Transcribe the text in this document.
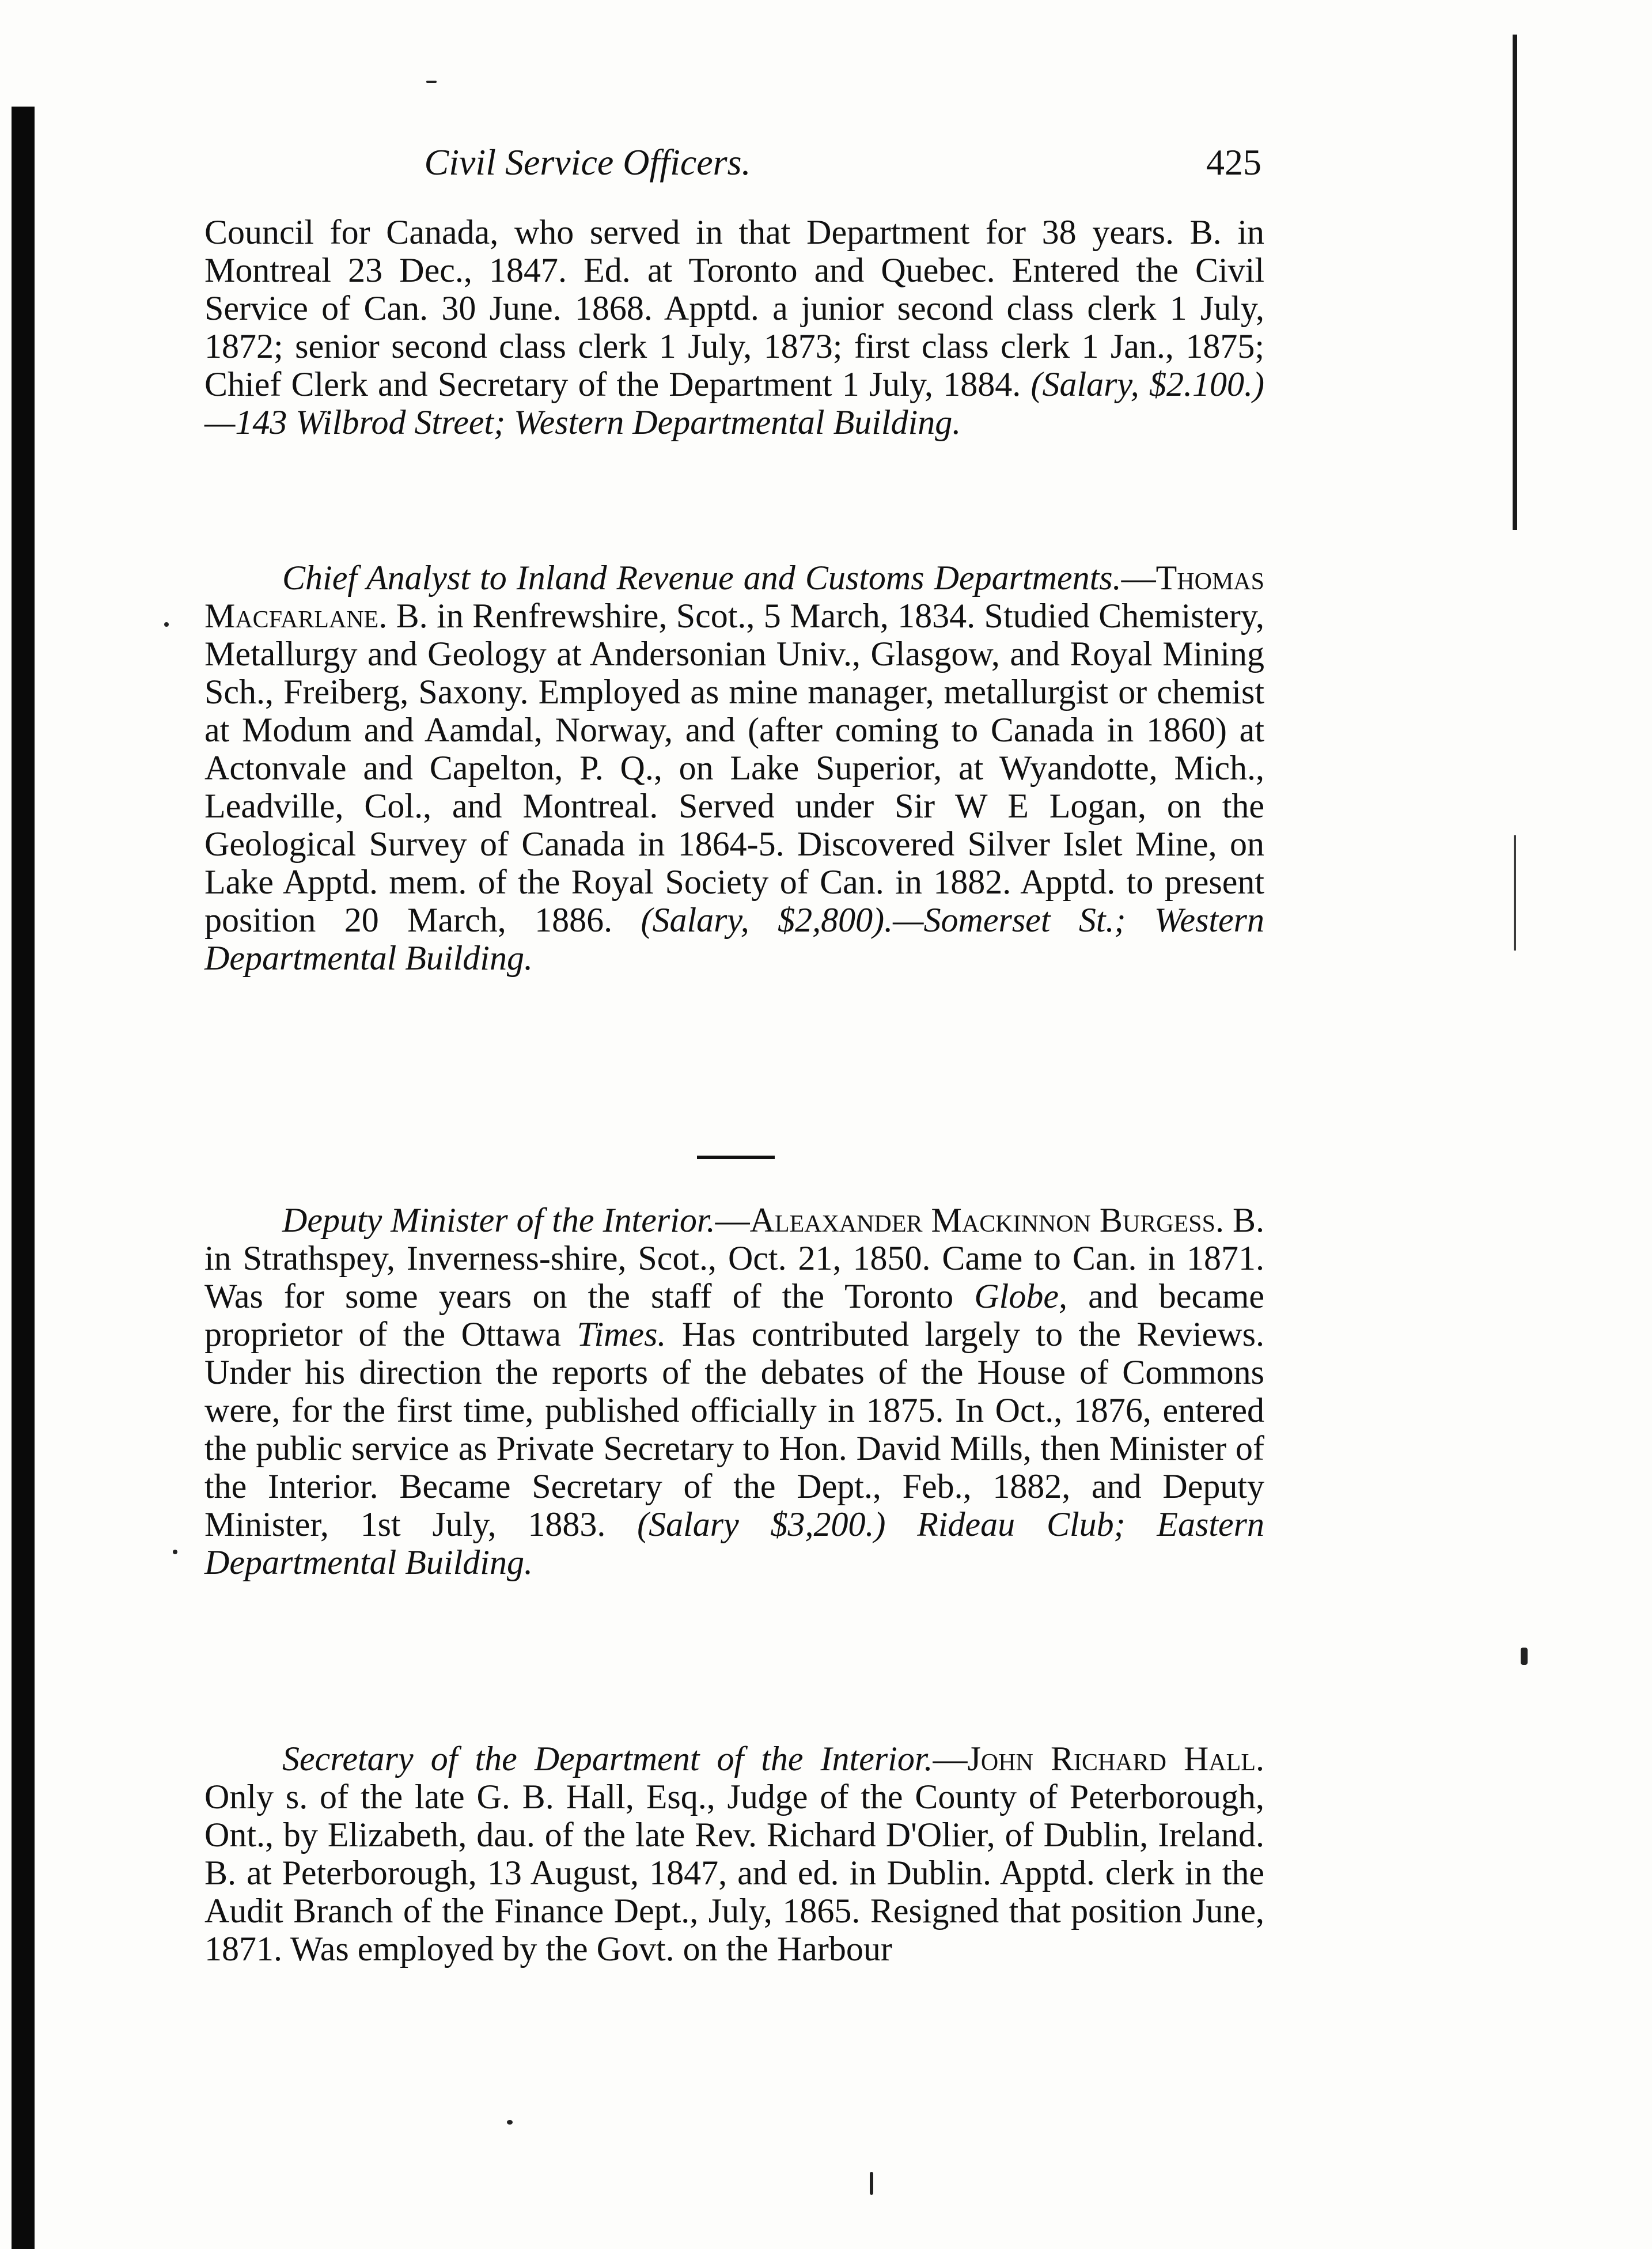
Civil Service Officers.	425

Council for Canada, who served in that Department for 38 years. B. in Montreal 23 Dec., 1847. Ed. at Toronto and Quebec. Entered the Civil Service of Can. 30 June. 1868. Apptd. a junior second class clerk 1 July, 1872; senior second class clerk 1 July, 1873; first class clerk 1 Jan., 1875; Chief Clerk and Secretary of the Department 1 July, 1884. (Salary, $2.100.)—143 Wilbrod Street; Western Departmental Building.

Chief Analyst to Inland Revenue and Customs Departments.—Thomas Macfarlane. B. in Renfrewshire, Scot., 5 March, 1834. Studied Chemistery, Metallurgy and Geology at Andersonian Univ., Glasgow, and Royal Mining Sch., Freiberg, Saxony. Employed as mine manager, metallurgist or chemist at Modum and Aamdal, Norway, and (after coming to Canada in 1860) at Actonvale and Capelton, P. Q., on Lake Superior, at Wyandotte, Mich., Leadville, Col., and Montreal. Served under Sir W E Logan, on the Geological Survey of Canada in 1864-5. Discovered Silver Islet Mine, on Lake Apptd. mem. of the Royal Society of Can. in 1882. Apptd. to present position 20 March, 1886. (Salary, $2,800).—Somerset St.; Western Departmental Building.

Deputy Minister of the Interior.—Aleaxander Mackinnon Burgess. B. in Strathspey, Inverness-shire, Scot., Oct. 21, 1850. Came to Can. in 1871. Was for some years on the staff of the Toronto Globe, and became proprietor of the Ottawa Times. Has contributed largely to the Reviews. Under his direction the reports of the debates of the House of Commons were, for the first time, published officially in 1875. In Oct., 1876, entered the public service as Private Secretary to Hon. David Mills, then Minister of the Interior. Became Secretary of the Dept., Feb., 1882, and Deputy Minister, 1st July, 1883. (Salary $3,200.) Rideau Club; Eastern Departmental Building.

Secretary of the Department of the Interior.—John Richard Hall. Only s. of the late G. B. Hall, Esq., Judge of the County of Peterborough, Ont., by Elizabeth, dau. of the late Rev. Richard D'Olier, of Dublin, Ireland. B. at Peterborough, 13 August, 1847, and ed. in Dublin. Apptd. clerk in the Audit Branch of the Finance Dept., July, 1865. Resigned that position June, 1871. Was employed by the Govt. on the Harbour
